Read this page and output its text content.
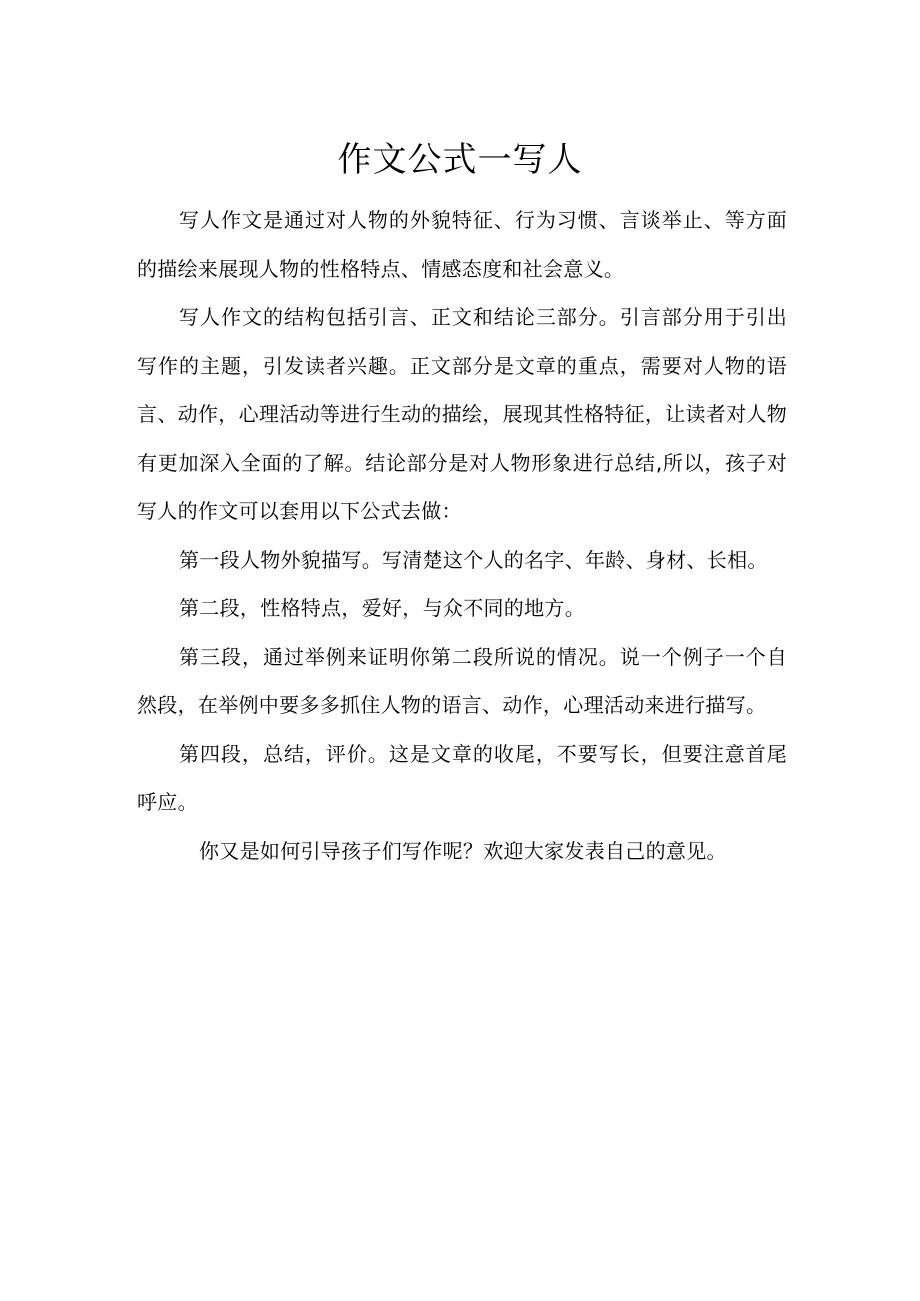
作文公式一写人

写人作文是通过对人物的外貌特征、行为习惯、言谈举止、等方面的描绘来展现人物的性格特点、情感态度和社会意义。

写人作文的结构包括引言、正文和结论三部分。引言部分用于引出写作的主题，引发读者兴趣。正文部分是文章的重点，需要对人物的语言、动作，心理活动等进行生动的描绘，展现其性格特征，让读者对人物有更加深入全面的了解。结论部分是对人物形象进行总结,所以，孩子对写人的作文可以套用以下公式去做：

第一段人物外貌描写。写清楚这个人的名字、年龄、身材、长相。

第二段，性格特点，爱好，与众不同的地方。

第三段，通过举例来证明你第二段所说的情况。说一个例子一个自然段，在举例中要多多抓住人物的语言、动作，心理活动来进行描写。

第四段，总结，评价。这是文章的收尾，不要写长，但要注意首尾呼应。

你又是如何引导孩子们写作呢？欢迎大家发表自己的意见。
